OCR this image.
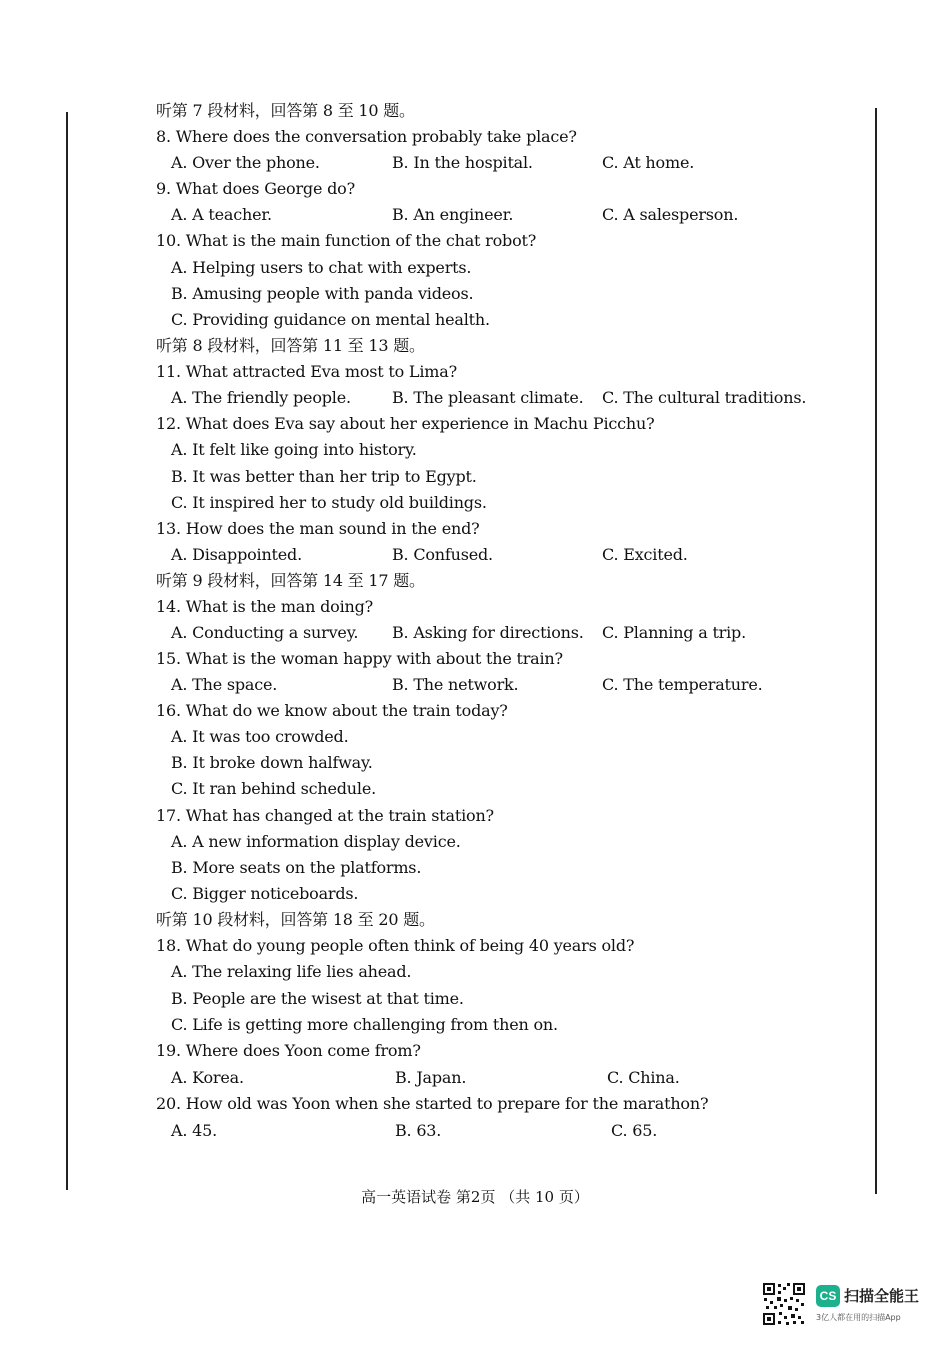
听第 7 段材料，回答第 8 至 10 题。
8. Where does the conversation probably take place?
A. Over the phone.	B. In the hospital.	C. At home.
9. What does George do?
A. A teacher.	B. An engineer.	C. A salesperson.
10. What is the main function of the chat robot?
A. Helping users to chat with experts.
B. Amusing people with panda videos.
C. Providing guidance on mental health.
听第 8 段材料，回答第 11 至 13 题。
11. What attracted Eva most to Lima?
A. The friendly people.	B. The pleasant climate. C. The cultural traditions.
12. What does Eva say about her experience in Machu Picchu?
A. It felt like going into history.
B. It was better than her trip to Egypt.
C. It inspired her to study old buildings.
13. How does the man sound in the end?
A. Disappointed.	B. Confused.	C. Excited.
听第 9 段材料，回答第 14 至 17 题。
14. What is the man doing?
A. Conducting a survey. B. Asking for directions. C. Planning a trip.
15. What is the woman happy with about the train?
A. The space.	B. The network.	C. The temperature.
16. What do we know about the train today?
A. It was too crowded.
B. It broke down halfway.
C. It ran behind schedule.
17. What has changed at the train station?
A. A new information display device.
B. More seats on the platforms.
C. Bigger noticeboards.
听第 10 段材料，回答第 18 至 20 题。
18. What do young people often think of being 40 years old?
A. The relaxing life lies ahead.
B. People are the wisest at that time.
C. Life is getting more challenging from then on.
19. Where does Yoon come from?
A. Korea.	B. Japan.	C. China.
20. How old was Yoon when she started to prepare for the marathon?
A. 45.	B. 63.	C. 65.
高一英语试卷 第2页 （共 10 页）
CS 扫描全能王
3亿人都在用的扫描App
